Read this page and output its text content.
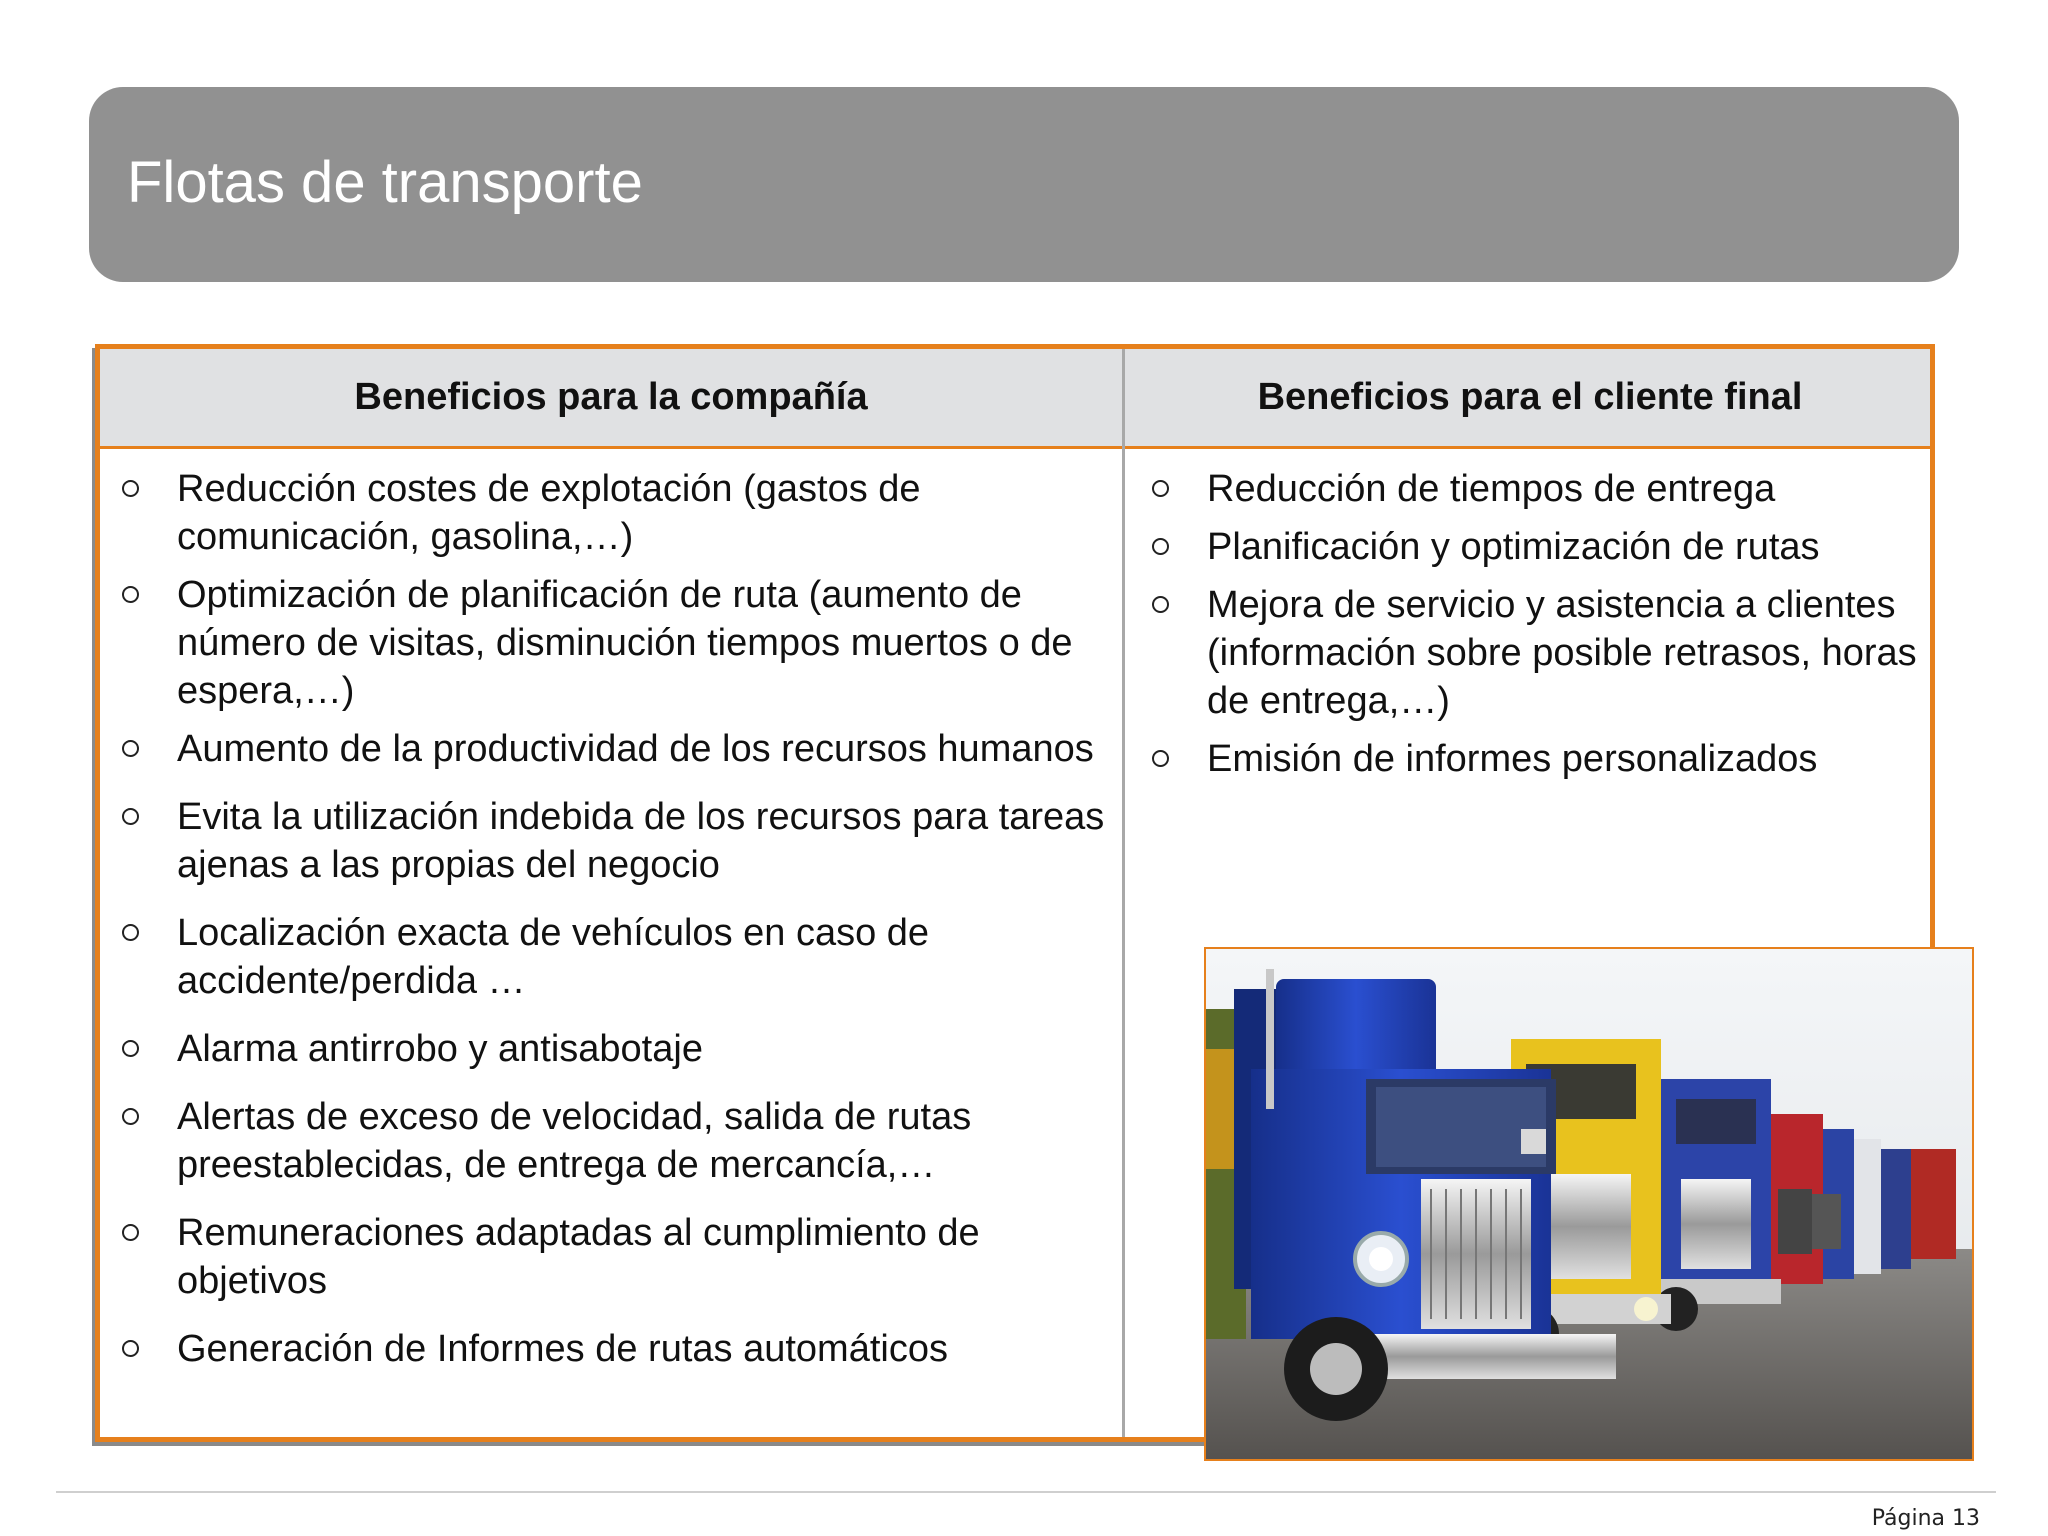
Flotas de transporte
Beneficios para la compañía	Beneficios para el cliente final
Reducción costes de explotación (gastos de comunicación, gasolina,…)
Optimización de planificación de ruta (aumento de número de visitas, disminución tiempos muertos o de espera,…)
Aumento de la productividad de los recursos humanos
Evita la utilización indebida de los recursos para tareas ajenas a las propias del negocio
Localización exacta de vehículos en caso de accidente/perdida …
Alarma antirrobo y antisabotaje
Alertas de exceso de velocidad, salida de rutas preestablecidas, de entrega de mercancía,…
Remuneraciones adaptadas al cumplimiento de objetivos
Generación de Informes de rutas automáticos
Reducción de tiempos de entrega
Planificación y optimización de rutas
Mejora de servicio y asistencia a clientes (información sobre posible retrasos, horas de entrega,…)
Emisión de informes personalizados
Página 13
